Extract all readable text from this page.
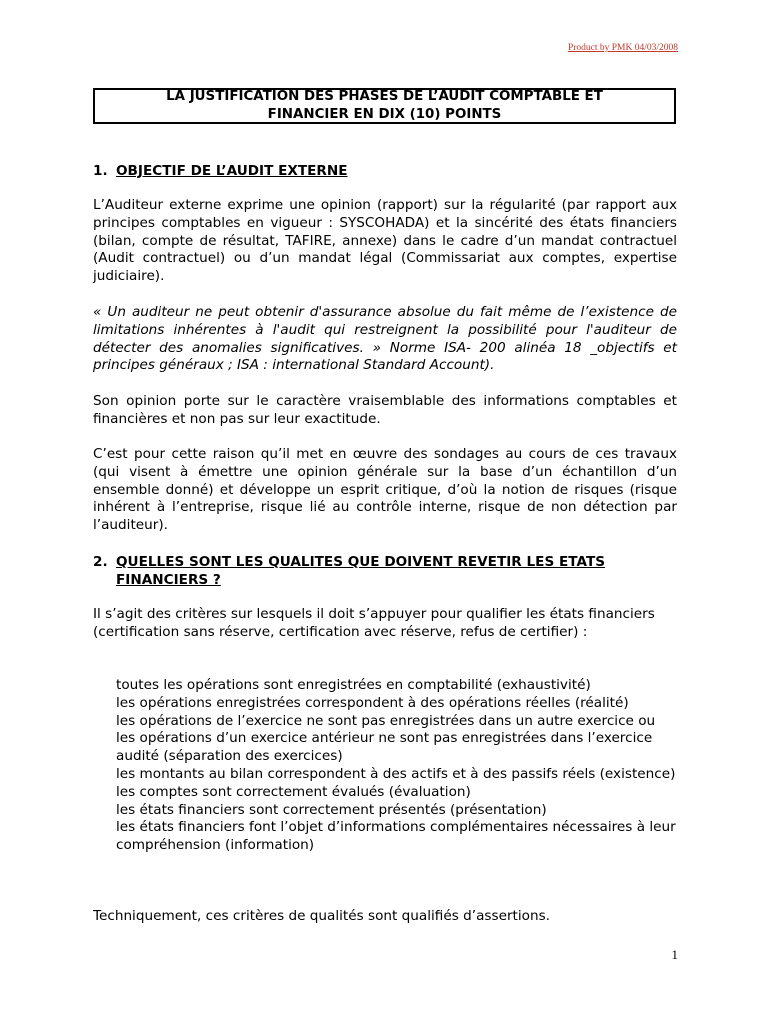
Product by PMK 04/03/2008

LA JUSTIFICATION DES PHASES DE L’AUDIT COMPTABLE ET
FINANCIER EN DIX (10) POINTS

1. OBJECTIF DE L’AUDIT EXTERNE

L’Auditeur externe exprime une opinion (rapport) sur la régularité (par rapport aux principes comptables en vigueur : SYSCOHADA) et la sincérité des états financiers (bilan, compte de résultat, TAFIRE, annexe) dans le cadre d’un mandat contractuel (Audit contractuel) ou d’un mandat légal (Commissariat aux comptes, expertise judiciaire).

« Un auditeur ne peut obtenir d'assurance absolue du fait même de l’existence de limitations inhérentes à l'audit qui restreignent la possibilité pour l'auditeur de détecter des anomalies significatives. » Norme ISA- 200 alinéa 18 _objectifs et principes généraux ; ISA : international Standard Account).

Son opinion porte sur le caractère vraisemblable des informations comptables et financières et non pas sur leur exactitude.

C’est pour cette raison qu’il met en œuvre des sondages au cours de ces travaux (qui visent à émettre une opinion générale sur la base d’un échantillon d’un ensemble donné) et développe un esprit critique, d’où la notion de risques (risque inhérent à l’entreprise, risque lié au contrôle interne, risque de non détection par l’auditeur).

2. QUELLES SONT LES QUALITES QUE DOIVENT REVETIR LES ETATS
FINANCIERS ?

Il s’agit des critères sur lesquels il doit s’appuyer pour qualifier les états financiers (certification sans réserve, certification avec réserve, refus de certifier) :

toutes les opérations sont enregistrées en comptabilité (exhaustivité)
les opérations enregistrées correspondent à des opérations réelles (réalité)
les opérations de l’exercice ne sont pas enregistrées dans un autre exercice ou les opérations d’un exercice antérieur ne sont pas enregistrées dans l’exercice audité (séparation des exercices)
les montants au bilan correspondent à des actifs et à des passifs réels (existence)
les comptes sont correctement évalués (évaluation)
les états financiers sont correctement présentés (présentation)
les états financiers font l’objet d’informations complémentaires nécessaires à leur compréhension (information)

Techniquement, ces critères de qualités sont qualifiés d’assertions.

1
